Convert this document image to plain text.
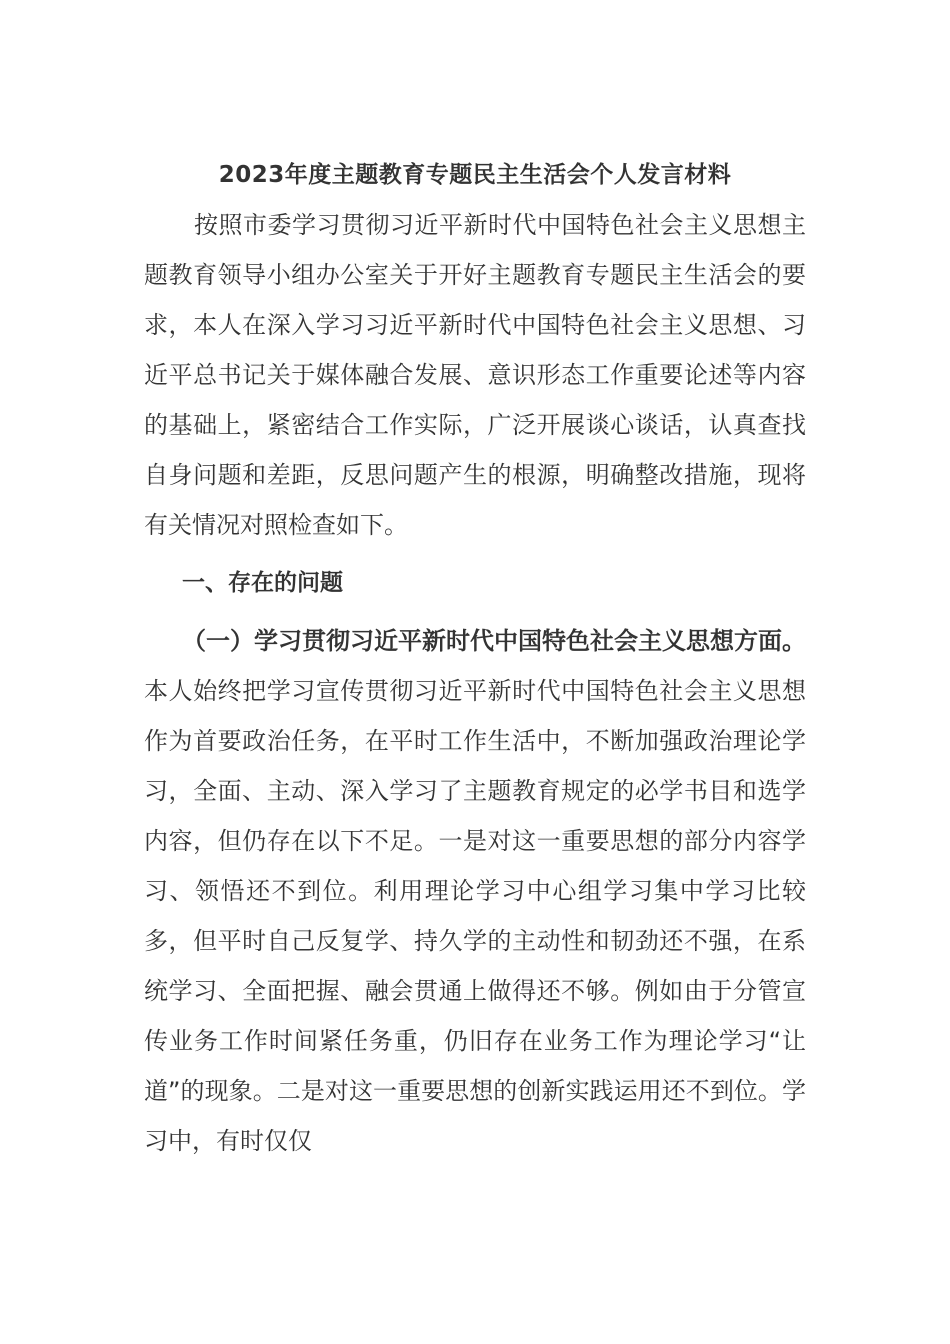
2023年度主题教育专题民主生活会个人发言材料

按照市委学习贯彻习近平新时代中国特色社会主义思想主题教育领导小组办公室关于开好主题教育专题民主生活会的要求，本人在深入学习习近平新时代中国特色社会主义思想、习近平总书记关于媒体融合发展、意识形态工作重要论述等内容的基础上，紧密结合工作实际，广泛开展谈心谈话，认真查找自身问题和差距，反思问题产生的根源，明确整改措施，现将有关情况对照检查如下。

一、存在的问题

（一）学习贯彻习近平新时代中国特色社会主义思想方面。本人始终把学习宣传贯彻习近平新时代中国特色社会主义思想作为首要政治任务，在平时工作生活中，不断加强政治理论学习，全面、主动、深入学习了主题教育规定的必学书目和选学内容，但仍存在以下不足。一是对这一重要思想的部分内容学习、领悟还不到位。利用理论学习中心组学习集中学习比较多，但平时自己反复学、持久学的主动性和韧劲还不强，在系统学习、全面把握、融会贯通上做得还不够。例如由于分管宣传业务工作时间紧任务重，仍旧存在业务工作为理论学习“让道”的现象。二是对这一重要思想的创新实践运用还不到位。学习中，有时仅仅
